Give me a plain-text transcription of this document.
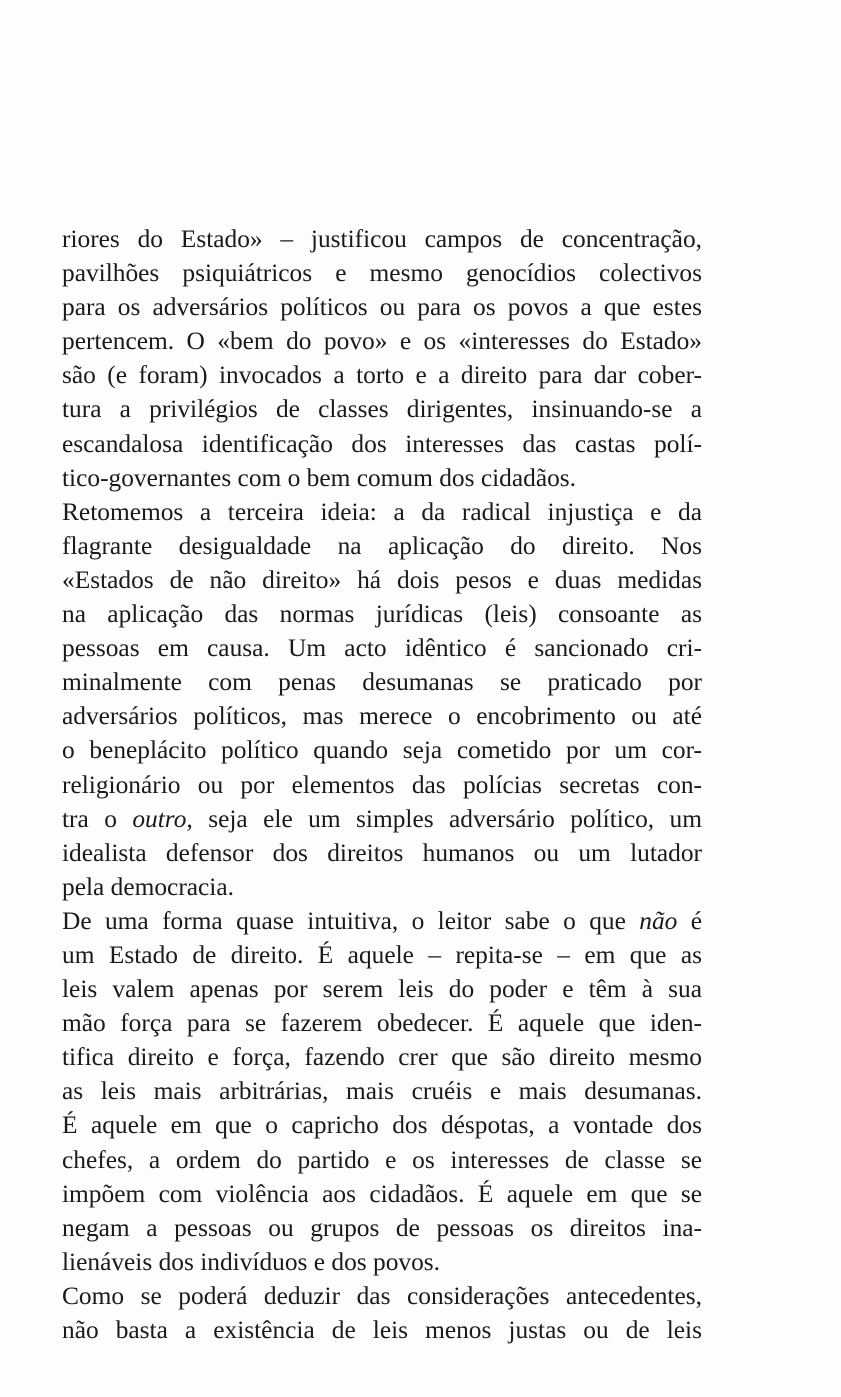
riores do Estado» – justificou campos de concentração,
pavilhões psiquiátricos e mesmo genocídios colectivos
para os adversários políticos ou para os povos a que estes
pertencem. O «bem do povo» e os «interesses do Estado»
são (e foram) invocados a torto e a direito para dar cober-
tura a privilégios de classes dirigentes, insinuando-se a
escandalosa identificação dos interesses das castas polí-
tico-governantes com o bem comum dos cidadãos.
Retomemos a terceira ideia: a da radical injustiça e da
flagrante desigualdade na aplicação do direito. Nos
«Estados de não direito» há dois pesos e duas medidas
na aplicação das normas jurídicas (leis) consoante as
pessoas em causa. Um acto idêntico é sancionado cri-
minalmente com penas desumanas se praticado por
adversários políticos, mas merece o encobrimento ou até
o beneplácito político quando seja cometido por um cor-
religionário ou por elementos das polícias secretas con-
tra o outro, seja ele um simples adversário político, um
idealista defensor dos direitos humanos ou um lutador
pela democracia.
De uma forma quase intuitiva, o leitor sabe o que não é
um Estado de direito. É aquele – repita-se – em que as
leis valem apenas por serem leis do poder e têm à sua
mão força para se fazerem obedecer. É aquele que iden-
tifica direito e força, fazendo crer que são direito mesmo
as leis mais arbitrárias, mais cruéis e mais desumanas.
É aquele em que o capricho dos déspotas, a vontade dos
chefes, a ordem do partido e os interesses de classe se
impõem com violência aos cidadãos. É aquele em que se
negam a pessoas ou grupos de pessoas os direitos ina-
lienáveis dos indivíduos e dos povos.
Como se poderá deduzir das considerações antecedentes,
não basta a existência de leis menos justas ou de leis
